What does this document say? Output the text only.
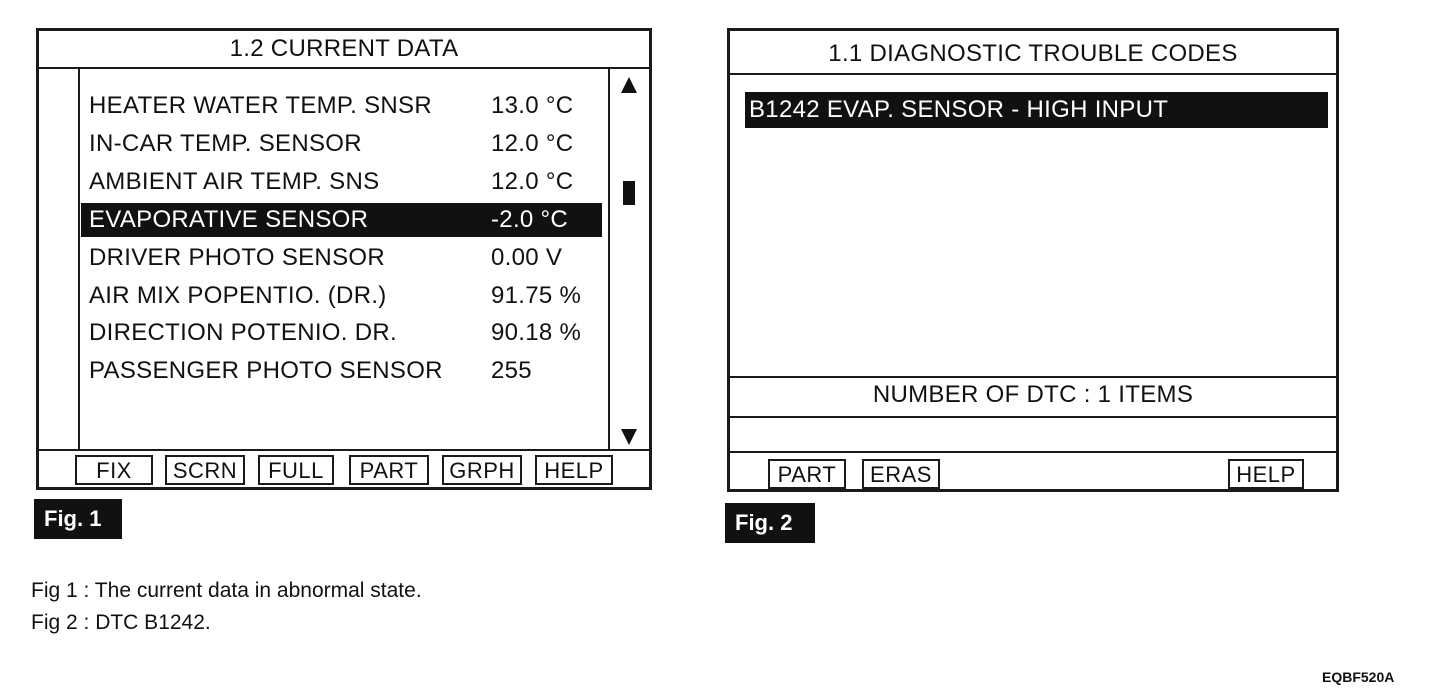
1.2 CURRENT DATA
HEATER WATER TEMP. SNSR 13.0 °C
IN-CAR TEMP. SENSOR	12.0 °C
AMBIENT AIR TEMP. SNS	12.0 °C
EVAPORATIVE SENSOR	-2.0 °C
DRIVER PHOTO SENSOR	0.00 V
AIR MIX POPENTIO. (DR.)	91.75 %
DIRECTION POTENIO. DR.	90.18 %
PASSENGER PHOTO SENSOR 255
FIX	SCRN	FULL	PART	GRPH	HELP
Fig. 1
1.1 DIAGNOSTIC TROUBLE CODES
B1242 EVAP. SENSOR - HIGH INPUT
NUMBER OF DTC : 1 ITEMS
PART	ERAS	HELP
Fig. 2
Fig 1 : The current data in abnormal state.
Fig 2 : DTC B1242.
EQBF520A
